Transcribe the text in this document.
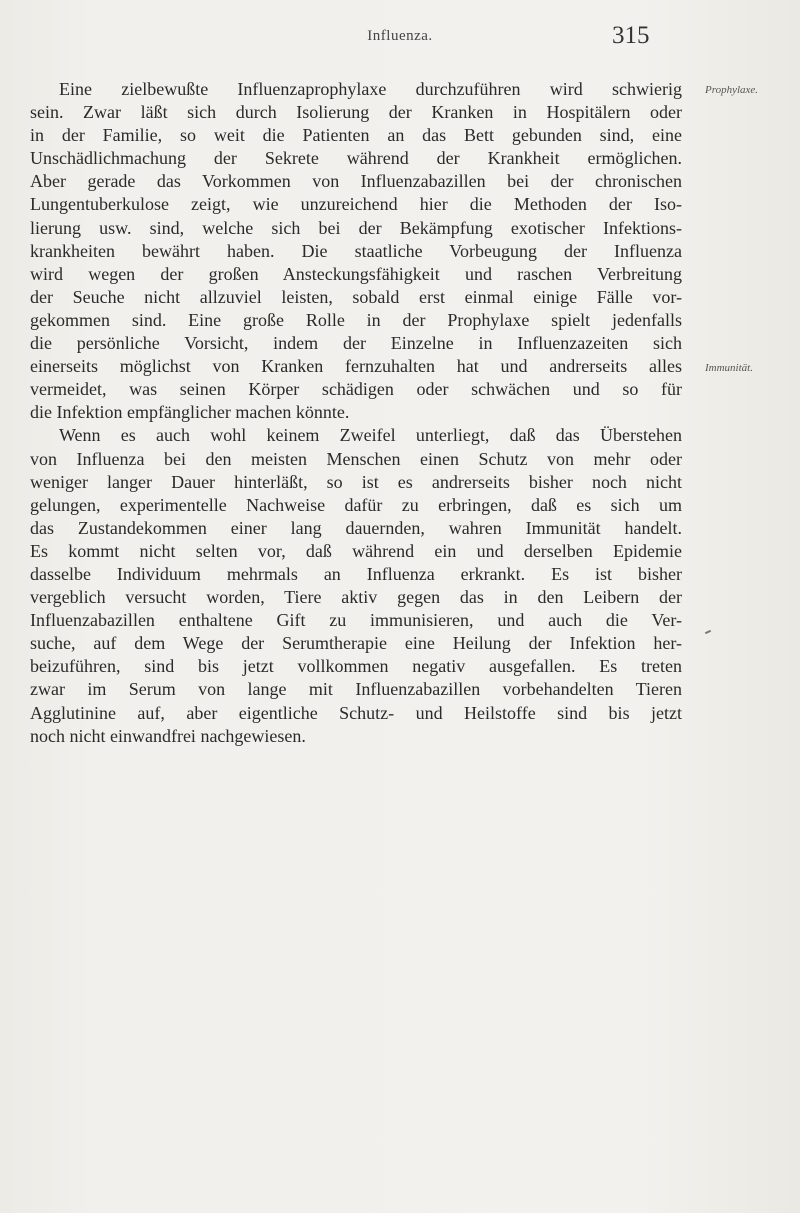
Influenza.	315
Prophylaxe.
Immunität.
Eine zielbewußte Influenzaprophylaxe durchzuführen wird schwierig
sein. Zwar läßt sich durch Isolierung der Kranken in Hospitälern oder
in der Familie, so weit die Patienten an das Bett gebunden sind, eine
Unschädlichmachung der Sekrete während der Krankheit ermöglichen.
Aber gerade das Vorkommen von Influenzabazillen bei der chronischen
Lungentuberkulose zeigt, wie unzureichend hier die Methoden der Iso-
lierung usw. sind, welche sich bei der Bekämpfung exotischer Infektions-
krankheiten bewährt haben. Die staatliche Vorbeugung der Influenza
wird wegen der großen Ansteckungsfähigkeit und raschen Verbreitung
der Seuche nicht allzuviel leisten, sobald erst einmal einige Fälle vor-
gekommen sind. Eine große Rolle in der Prophylaxe spielt jedenfalls
die persönliche Vorsicht, indem der Einzelne in Influenzazeiten sich
einerseits möglichst von Kranken fernzuhalten hat und andrerseits alles
vermeidet, was seinen Körper schädigen oder schwächen und so für
die Infektion empfänglicher machen könnte.
Wenn es auch wohl keinem Zweifel unterliegt, daß das Überstehen
von Influenza bei den meisten Menschen einen Schutz von mehr oder
weniger langer Dauer hinterläßt, so ist es andrerseits bisher noch nicht
gelungen, experimentelle Nachweise dafür zu erbringen, daß es sich um
das Zustandekommen einer lang dauernden, wahren Immunität handelt.
Es kommt nicht selten vor, daß während ein und derselben Epidemie
dasselbe Individuum mehrmals an Influenza erkrankt. Es ist bisher
vergeblich versucht worden, Tiere aktiv gegen das in den Leibern der
Influenzabazillen enthaltene Gift zu immunisieren, und auch die Ver-
suche, auf dem Wege der Serumtherapie eine Heilung der Infektion her-
beizuführen, sind bis jetzt vollkommen negativ ausgefallen. Es treten
zwar im Serum von lange mit Influenzabazillen vorbehandelten Tieren
Agglutinine auf, aber eigentliche Schutz- und Heilstoffe sind bis jetzt
noch nicht einwandfrei nachgewiesen.
